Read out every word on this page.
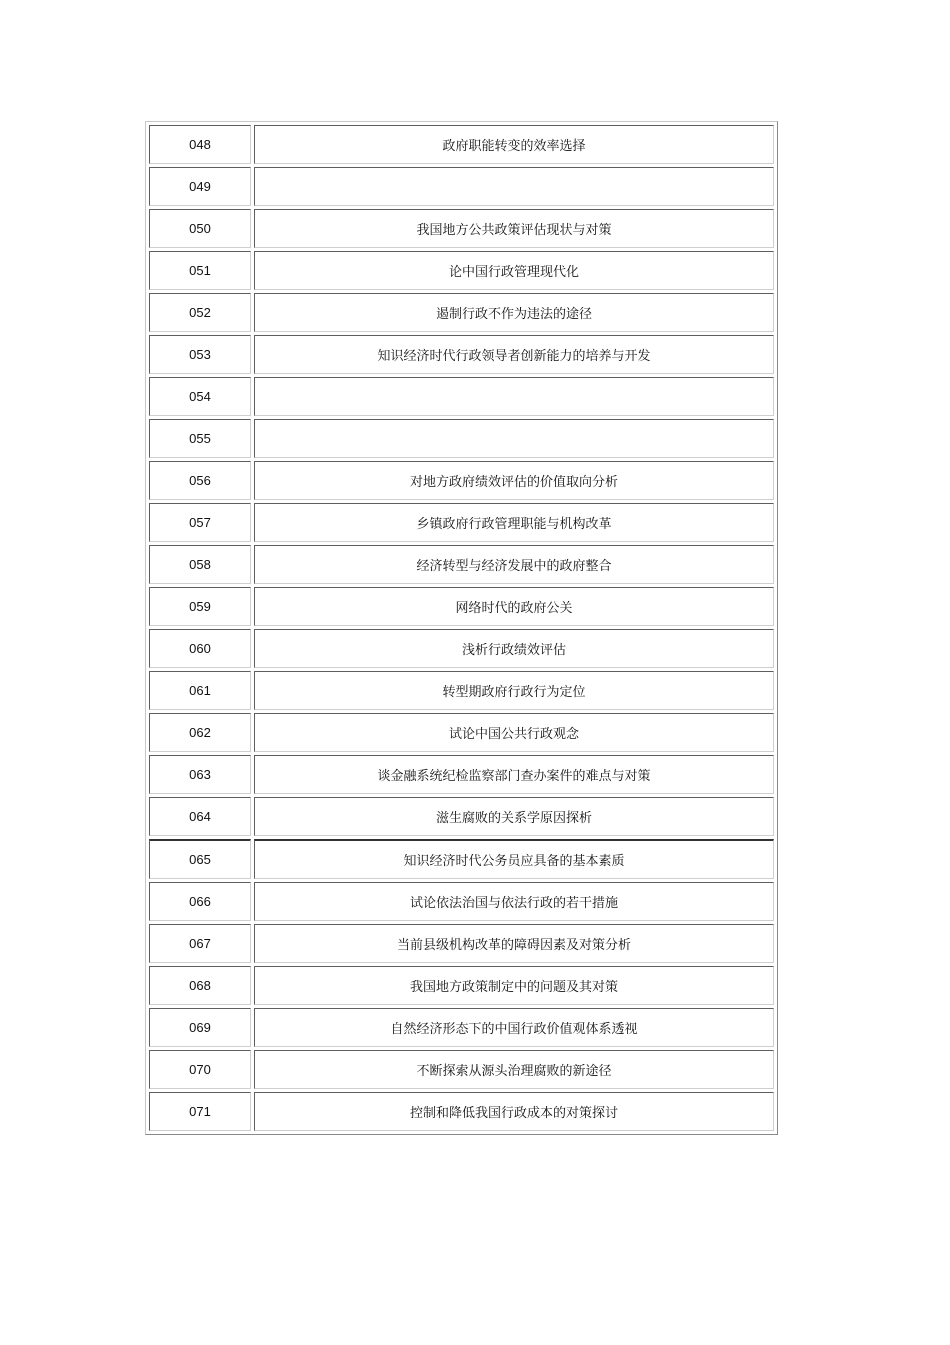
048	政府职能转变的效率选择
049	
050	我国地方公共政策评估现状与对策
051	论中国行政管理现代化
052	遏制行政不作为违法的途径
053	知识经济时代行政领导者创新能力的培养与开发
054	
055	
056	对地方政府绩效评估的价值取向分析
057	乡镇政府行政管理职能与机构改革
058	经济转型与经济发展中的政府整合
059	网络时代的政府公关
060	浅析行政绩效评估
061	转型期政府行政行为定位
062	试论中国公共行政观念
063	谈金融系统纪检监察部门查办案件的难点与对策
064	滋生腐败的关系学原因探析
065	知识经济时代公务员应具备的基本素质
066	试论依法治国与依法行政的若干措施
067	当前县级机构改革的障碍因素及对策分析
068	我国地方政策制定中的问题及其对策
069	自然经济形态下的中国行政价值观体系透视
070	不断探索从源头治理腐败的新途径
071	控制和降低我国行政成本的对策探讨
